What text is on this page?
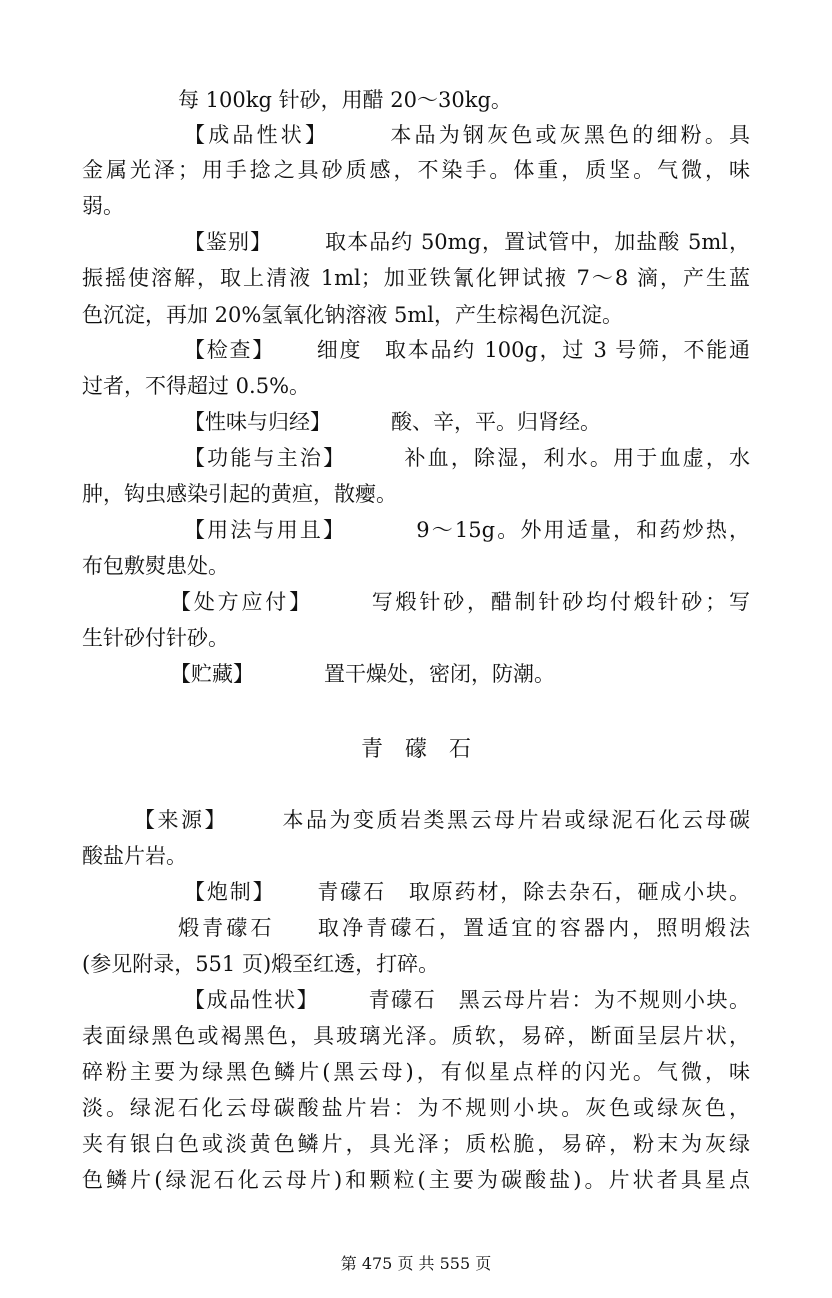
每 100kg 针砂，用醋 20～30kg。
【成品性状】	本品为钢灰色或灰黑色的细粉。具
金属光泽；用手捻之具砂质感，不染手。体重，质坚。气微，味
弱。
【鉴别】 取本品约 50mg，置试管中，加盐酸 5ml，
振摇使溶解，取上清液 1ml；加亚铁氰化钾试掖 7～8 滴，产生蓝
色沉淀，再加 20%氢氧化钠溶液 5ml，产生棕褐色沉淀。
【检查】 细度　取本品约 100g，过 3 号筛，不能通
过者，不得超过 0.5%。
【性味与归经】	酸、辛，平。归肾经。
【功能与主治】	补血，除湿，利水。用于血虚，水
肿，钩虫感染引起的黄疸，散瘿。
【用法与用且】	9～15g。外用适量，和药炒热，
布包敷熨患处。
【处方应付】	写煅针砂，醋制针砂均付煅针砂；写
生针砂付针砂。
【贮藏】	置干燥处，密闭，防潮。
青礞石
【来源】 本品为变质岩类黑云母片岩或绿泥石化云母碳
酸盐片岩。
【炮制】 青礞石　取原药材，除去杂石，砸成小块。
煅青礞石 取净青礞石，置适宜的容器内，照明煅法
(参见附录，551 页)煅至红透，打碎。
【成品性状】 青礞石　黑云母片岩：为不规则小块。
表面绿黑色或褐黑色，具玻璃光泽。质软，易碎，断面呈层片状，
碎粉主要为绿黑色鳞片(黑云母)，有似星点样的闪光。气微，味
淡。绿泥石化云母碳酸盐片岩：为不规则小块。灰色或绿灰色，
夹有银白色或淡黄色鳞片，具光泽；质松脆，易碎，粉末为灰绿
色鳞片(绿泥石化云母片)和颗粒(主要为碳酸盐)。片状者具星点
第 475 页 共 555 页
